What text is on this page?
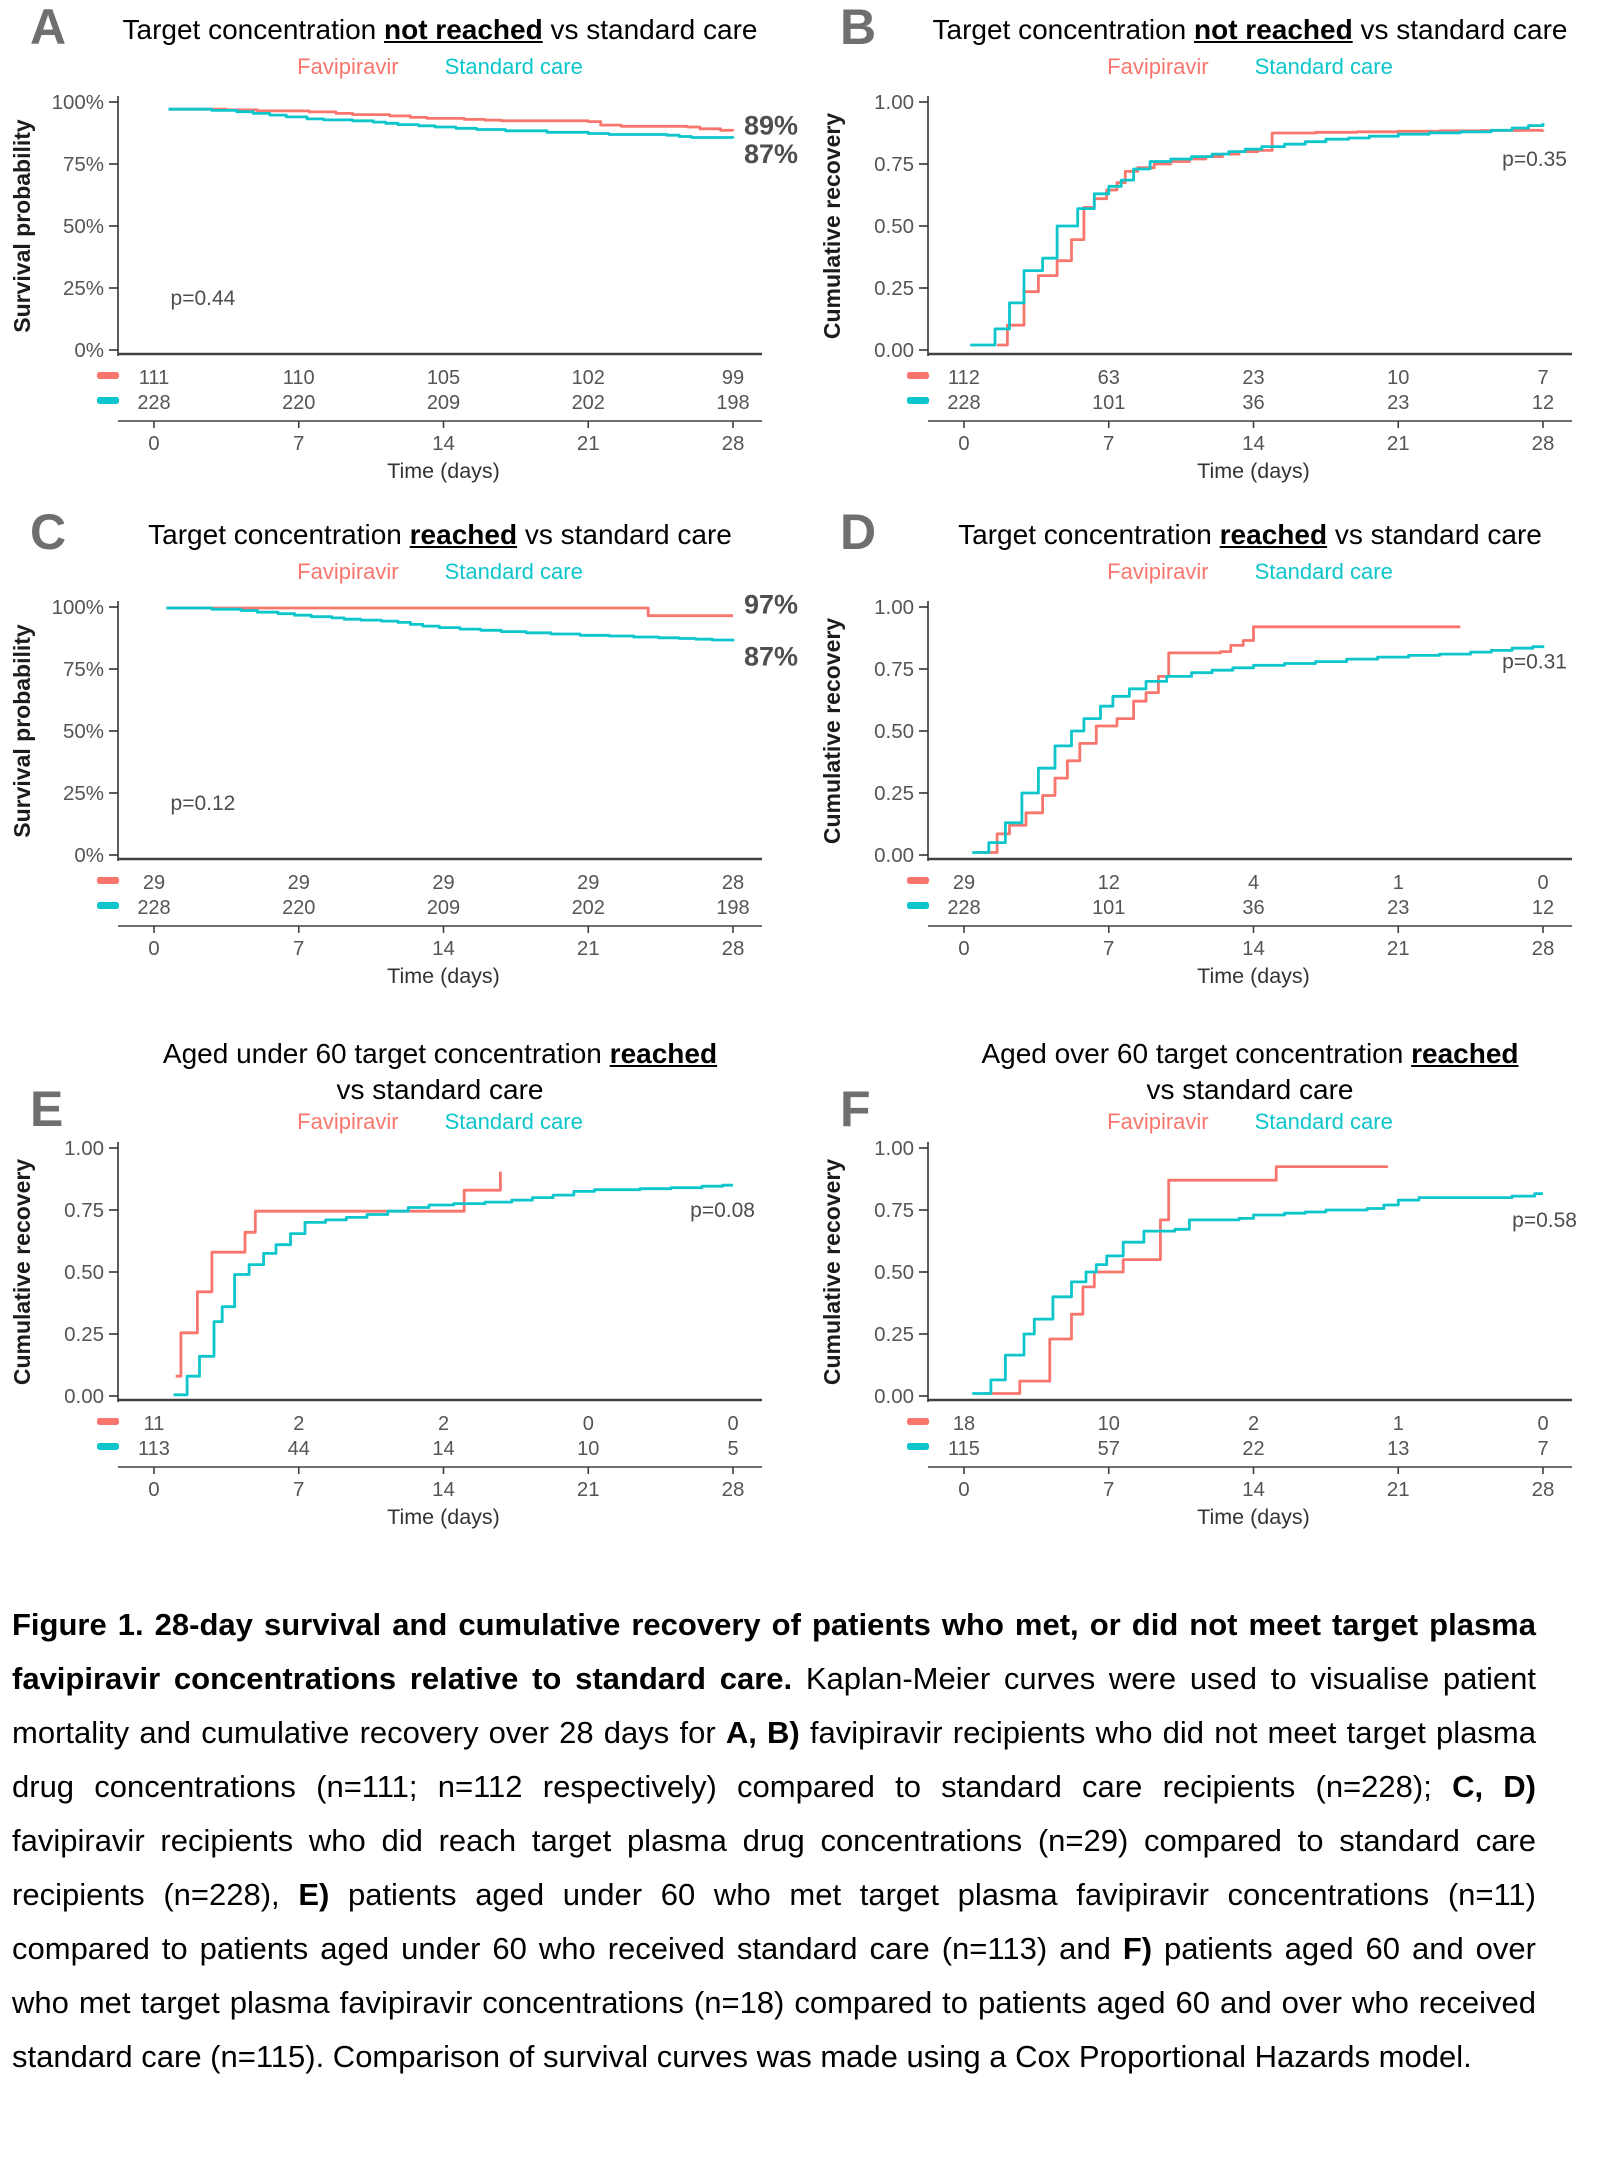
A	Target concentration not reached vs standard care
Favipiravir Standard care
Survival probability
100%
75%
50%
25%
0%
p=0.44
89%
87%
111	110	105	102	99
228	220	209	202	198
0	7	14	21	28
Time (days)
B	Target concentration not reached vs standard care
Favipiravir Standard care
Cumulative recovery
1.00
0.75
0.50
0.25
0.00
p=0.35
112	63	23	10	7
228	101	36	23	12
0	7	14	21	28
Time (days)
C	Target concentration reached vs standard care
Favipiravir Standard care
Survival probability
100%
75%
50%
25%
0%
p=0.12
97%
87%
29	29	29	29	28
228	220	209	202	198
0	7	14	21	28
Time (days)
D	Target concentration reached vs standard care
Favipiravir Standard care
Cumulative recovery
1.00
0.75
0.50
0.25
0.00
p=0.31
29	12	4	1	0
228	101	36	23	12
0	7	14	21	28
Time (days)
E
Aged under 60 target concentration reached
vs standard care
Favipiravir Standard care
Cumulative recovery
1.00
0.75
0.50
0.25
0.00
p=0.08
11	2	2	0	0
113	44	14	10	5
0	7	14	21	28
Time (days)
F
Aged over 60 target concentration reached
vs standard care
Favipiravir Standard care
Cumulative recovery
1.00
0.75
0.50
0.25
0.00
p=0.58
18	10	2	1	0
115	57	22	13	7
0	7	14	21	28
Time (days)

Figure 1. 28-day survival and cumulative recovery of patients who met, or did not meet target plasma favipiravir concentrations relative to standard care. Kaplan-Meier curves were used to visualise patient mortality and cumulative recovery over 28 days for A, B) favipiravir recipients who did not meet target plasma drug concentrations (n=111; n=112 respectively) compared to standard care recipients (n=228); C, D) favipiravir recipients who did reach target plasma drug concentrations (n=29) compared to standard care recipients (n=228), E) patients aged under 60 who met target plasma favipiravir concentrations (n=11) compared to patients aged under 60 who received standard care (n=113) and F) patients aged 60 and over who met target plasma favipiravir concentrations (n=18) compared to patients aged 60 and over who received standard care (n=115). Comparison of survival curves was made using a Cox Proportional Hazards model.
